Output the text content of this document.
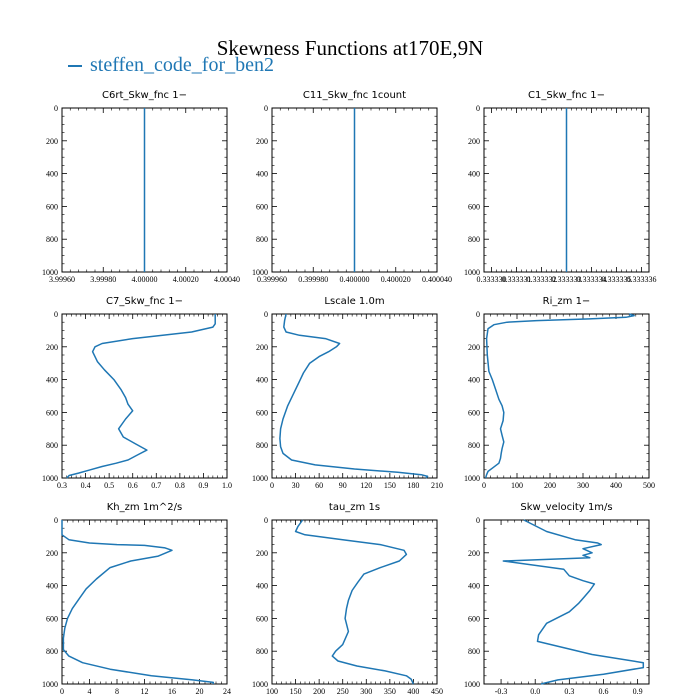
Skewness Functions at170E,9N
steffen_code_for_ben2
C6rt_Skw_fnc 1−
0
200
400
600
800
1000
3.99960 3.99980 4.00000 4.00020 4.00040
C11_Skw_fnc 1count
0
200
400
600
800
1000
0.399960 0.399980 0.400000 0.400020 0.400040
C1_Skw_fnc 1−
0
200
400
600
800
1000
0.333330
0.333331
0.333332
0.333333
0.333334
0.333335
0.333336
C7_Skw_fnc 1−
0
200
400
600
800
1000
0.3 0.4 0.5 0.6 0.7 0.8 0.9 1.0
Lscale 1.0m
0
200
400
600
800
1000
0 30 60 90 120 150 180 210
Ri_zm 1−
0
200
400
600
800
1000
0	100	200	300	400	500
Kh_zm 1m^2/s
0
200
400
600
800
1000
0	4	8	12 16 20 24
tau_zm 1s
0
200
400
600
800
1000
100 150 200 250 300 350 400 450
Skw_velocity 1m/s
0
200
400
600
800
1000
-0.3	0.0	0.3	0.6	0.9
